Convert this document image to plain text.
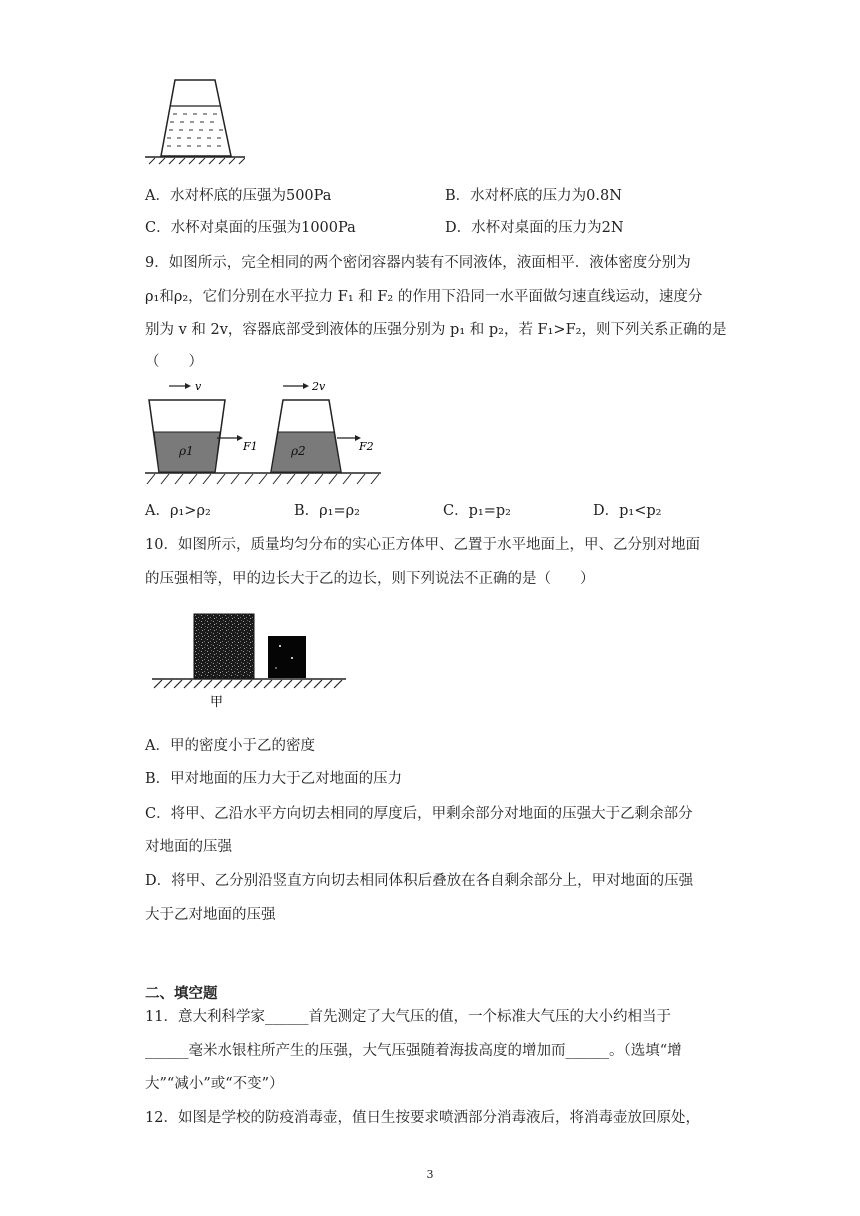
A．水对杯底的压强为500Pa	B．水对杯底的压力为0.8N
C．水杯对桌面的压强为1000Pa	D．水杯对桌面的压力为2N
9．如图所示，完全相同的两个密闭容器内装有不同液体，液面相平．液体密度分别为
ρ₁和ρ₂，它们分别在水平拉力 F₁ 和 F₂ 的作用下沿同一水平面做匀速直线运动，速度分
别为 v 和 2v，容器底部受到液体的压强分别为 p₁ 和 p₂，若 F₁>F₂，则下列关系正确的是
（　　）
v	2v
ρ1	F1	ρ2	F2
A．ρ₁>ρ₂	B．ρ₁=ρ₂	C．p₁=p₂	D．p₁<p₂
10．如图所示，质量均匀分布的实心正方体甲、乙置于水平地面上，甲、乙分别对地面
的压强相等，甲的边长大于乙的边长，则下列说法不正确的是（　　）
甲
A．甲的密度小于乙的密度
B．甲对地面的压力大于乙对地面的压力
C．将甲、乙沿水平方向切去相同的厚度后，甲剩余部分对地面的压强大于乙剩余部分
对地面的压强
D．将甲、乙分别沿竖直方向切去相同体积后叠放在各自剩余部分上，甲对地面的压强
大于乙对地面的压强
二、填空题
11．意大利科学家______首先测定了大气压的值，一个标准大气压的大小约相当于
______毫米水银柱所产生的压强，大气压强随着海拔高度的增加而______。（选填“增
大”“减小”或“不变”）
12．如图是学校的防疫消毒壶，值日生按要求喷洒部分消毒液后，将消毒壶放回原处，
3
